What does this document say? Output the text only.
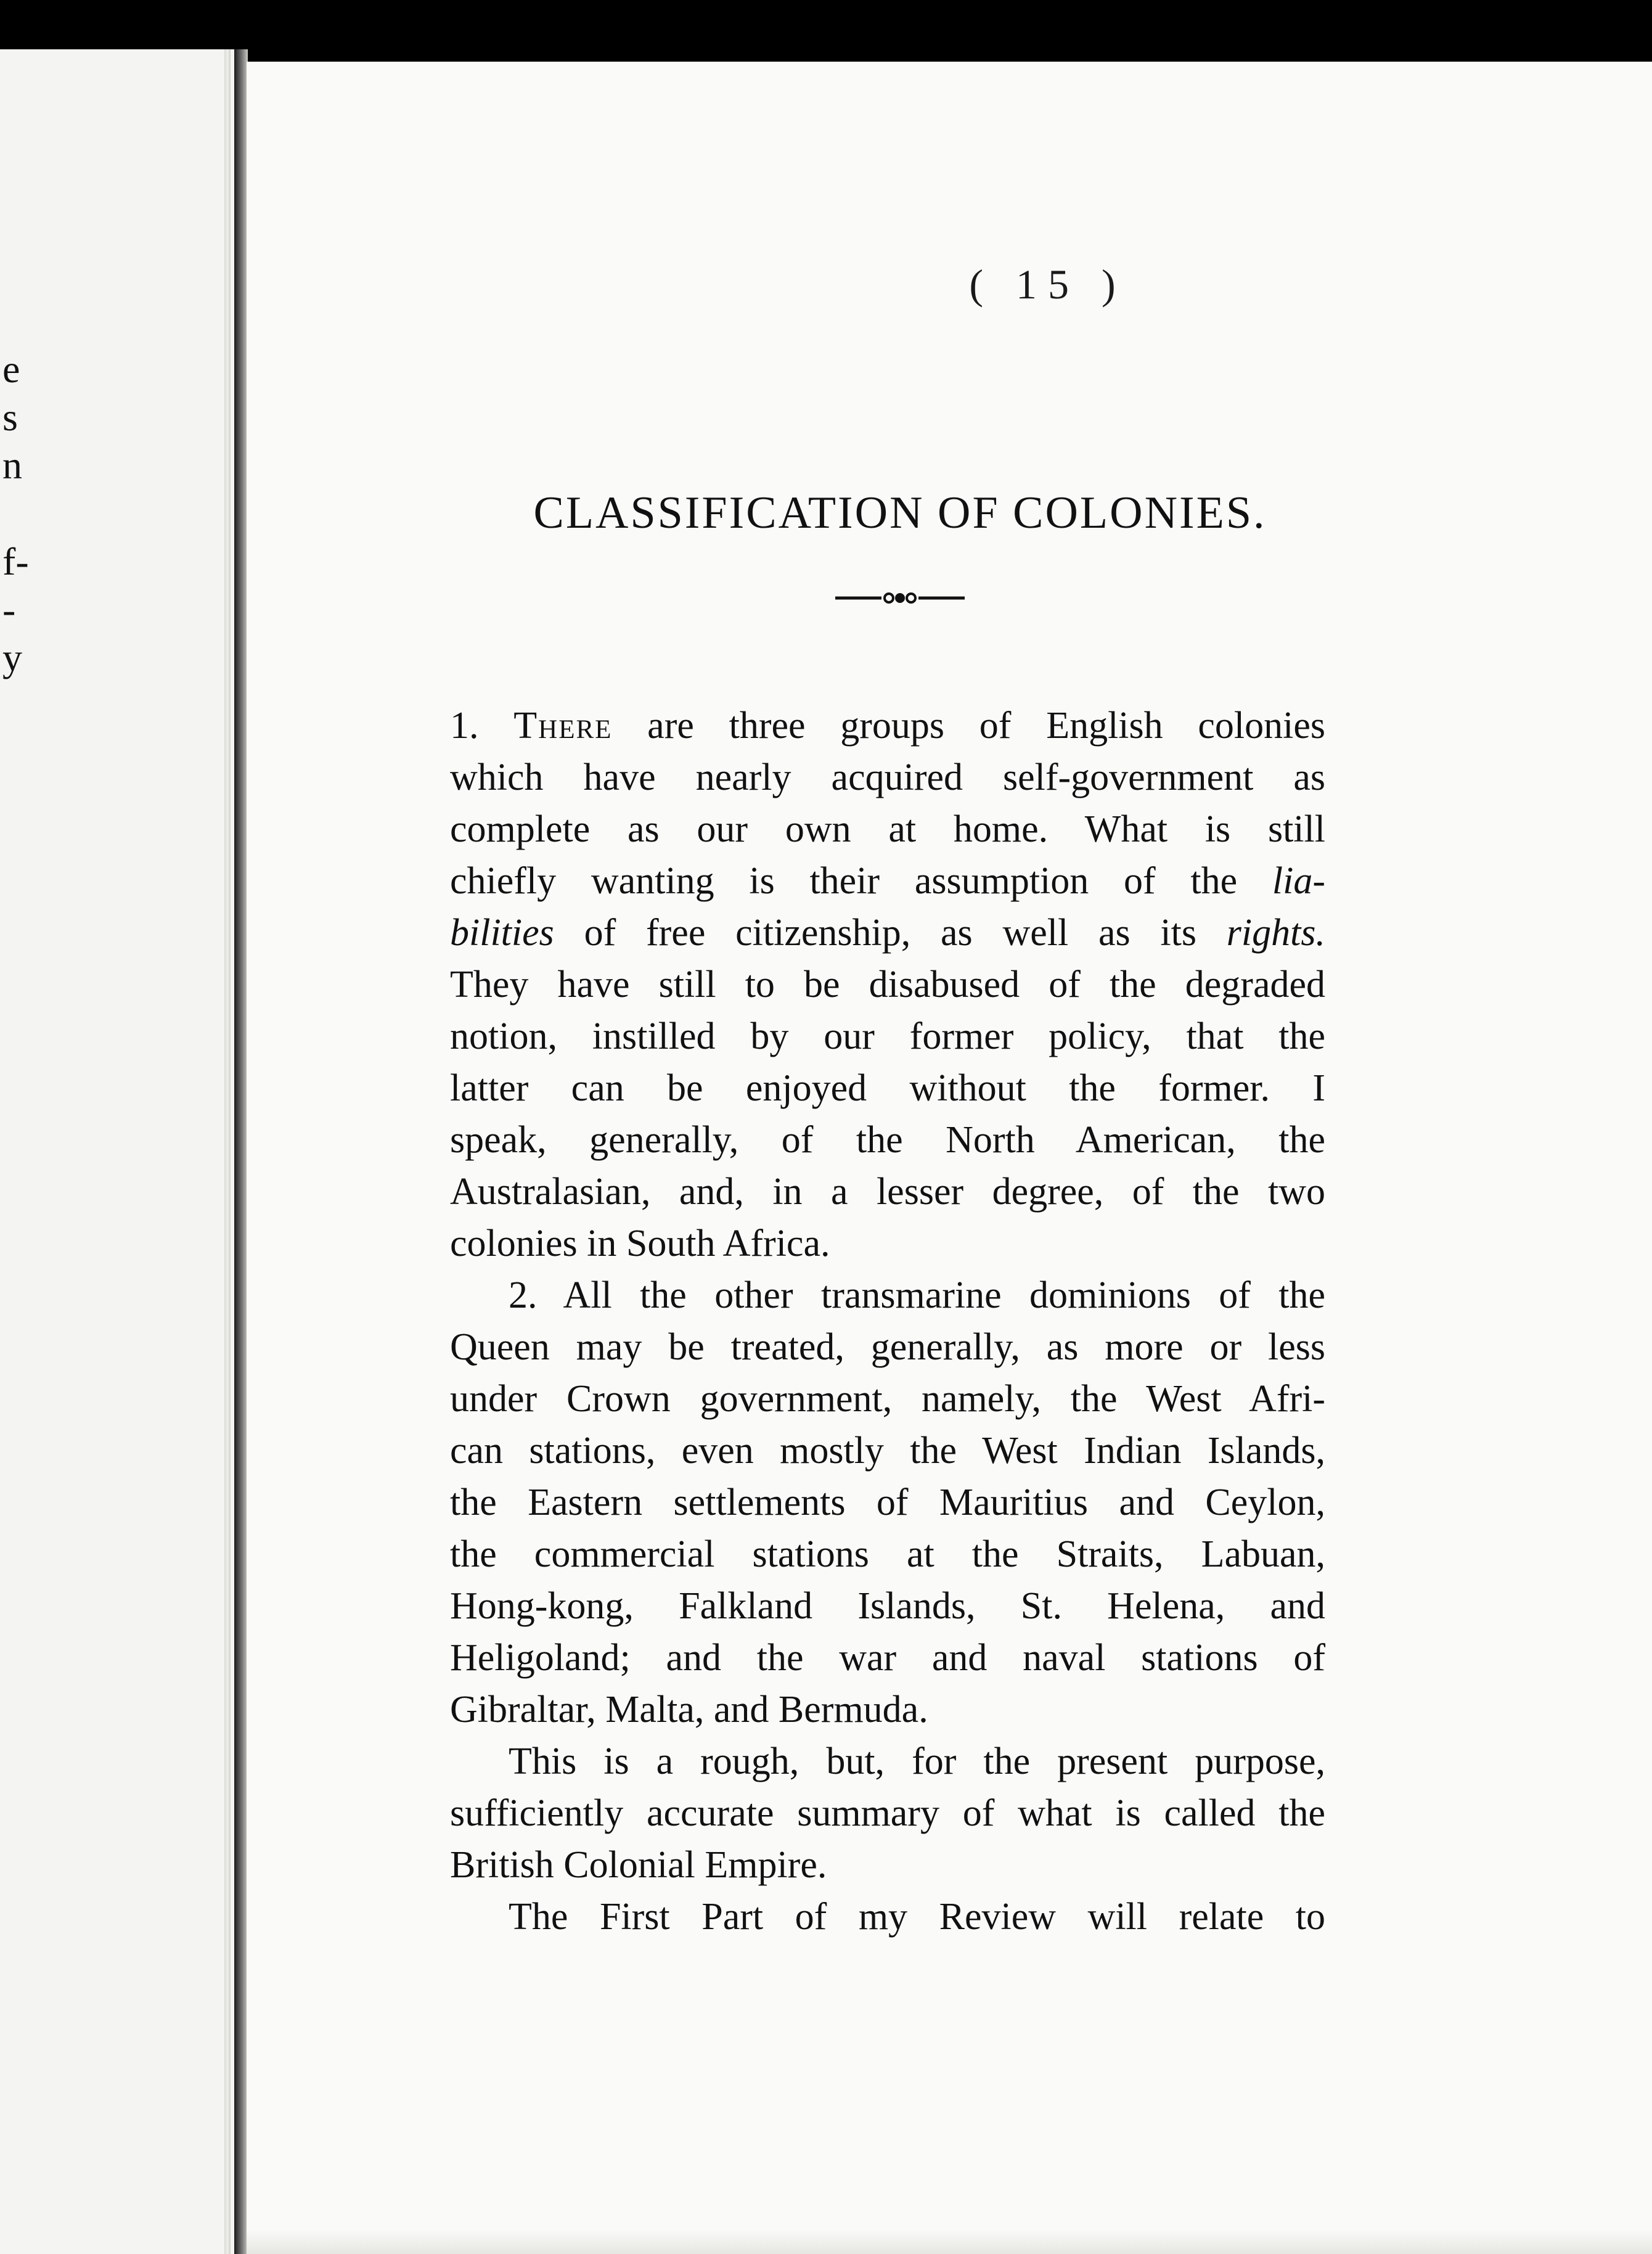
e
s
n
f-
-
y
( 15 )
CLASSIFICATION OF COLONIES.
1. There are three groups of English colonies
which have nearly acquired self-government as
complete as our own at home. What is still
chiefly wanting is their assumption of the lia-
bilities of free citizenship, as well as its rights.
They have still to be disabused of the degraded
notion, instilled by our former policy, that the
latter can be enjoyed without the former. I
speak, generally, of the North American, the
Australasian, and, in a lesser degree, of the two
colonies in South Africa.
2. All the other transmarine dominions of the
Queen may be treated, generally, as more or less
under Crown government, namely, the West Afri-
can stations, even mostly the West Indian Islands,
the Eastern settlements of Mauritius and Ceylon,
the commercial stations at the Straits, Labuan,
Hong-kong, Falkland Islands, St. Helena, and
Heligoland; and the war and naval stations of
Gibraltar, Malta, and Bermuda.
This is a rough, but, for the present purpose,
sufficiently accurate summary of what is called the
British Colonial Empire.
The First Part of my Review will relate to
